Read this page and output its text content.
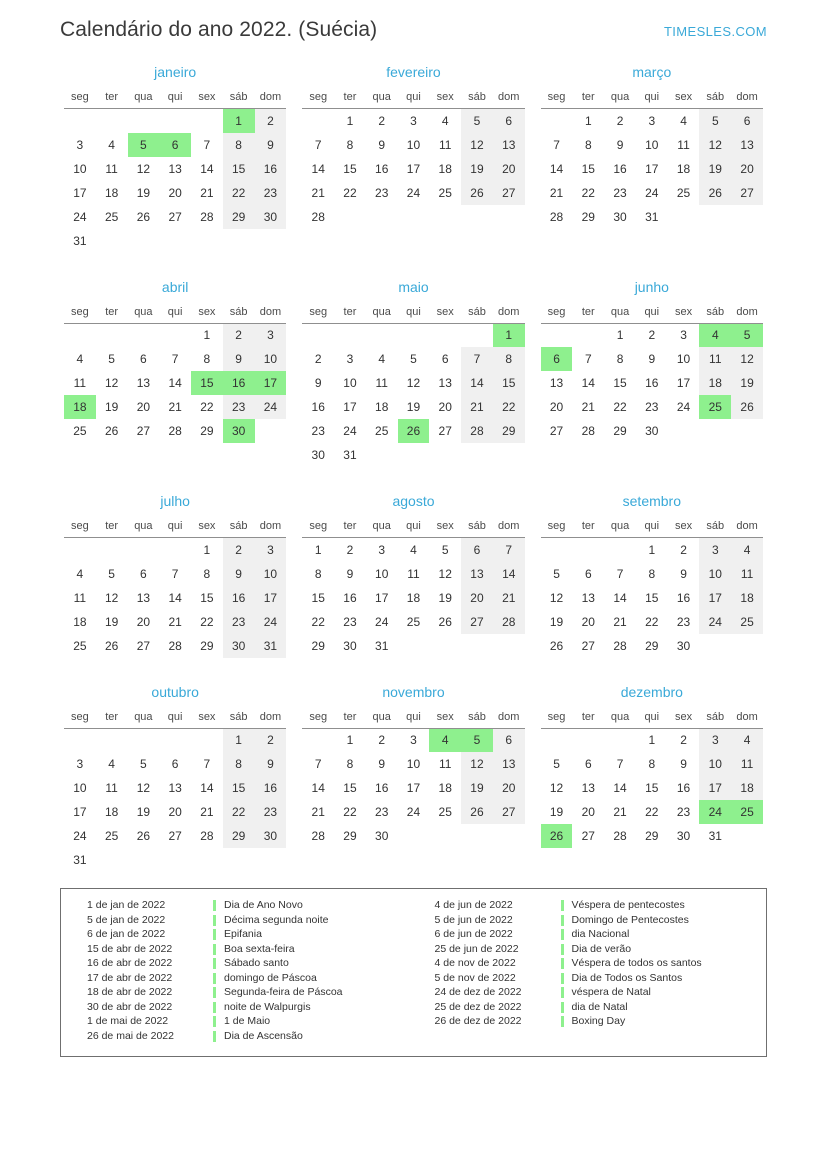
Calendário do ano 2022. (Suécia)	TIMESLES.COM
janeiro
seg	ter	qua	qui	sex	sáb	dom
					1	2
3	4	5	6	7	8	9
10	11	12	13	14	15	16
17	18	19	20	21	22	23
24	25	26	27	28	29	30
31						
fevereiro
seg	ter	qua	qui	sex	sáb	dom
	1	2	3	4	5	6
7	8	9	10	11	12	13
14	15	16	17	18	19	20
21	22	23	24	25	26	27
28						
março
seg	ter	qua	qui	sex	sáb	dom
	1	2	3	4	5	6
7	8	9	10	11	12	13
14	15	16	17	18	19	20
21	22	23	24	25	26	27
28	29	30	31			
abril
seg	ter	qua	qui	sex	sáb	dom
				1	2	3
4	5	6	7	8	9	10
11	12	13	14	15	16	17
18	19	20	21	22	23	24
25	26	27	28	29	30	
maio
seg	ter	qua	qui	sex	sáb	dom
						1
2	3	4	5	6	7	8
9	10	11	12	13	14	15
16	17	18	19	20	21	22
23	24	25	26	27	28	29
30	31					
junho
seg	ter	qua	qui	sex	sáb	dom
		1	2	3	4	5
6	7	8	9	10	11	12
13	14	15	16	17	18	19
20	21	22	23	24	25	26
27	28	29	30			
julho
seg	ter	qua	qui	sex	sáb	dom
				1	2	3
4	5	6	7	8	9	10
11	12	13	14	15	16	17
18	19	20	21	22	23	24
25	26	27	28	29	30	31
agosto
seg	ter	qua	qui	sex	sáb	dom
1	2	3	4	5	6	7
8	9	10	11	12	13	14
15	16	17	18	19	20	21
22	23	24	25	26	27	28
29	30	31				
setembro
seg	ter	qua	qui	sex	sáb	dom
			1	2	3	4
5	6	7	8	9	10	11
12	13	14	15	16	17	18
19	20	21	22	23	24	25
26	27	28	29	30		
outubro
seg	ter	qua	qui	sex	sáb	dom
					1	2
3	4	5	6	7	8	9
10	11	12	13	14	15	16
17	18	19	20	21	22	23
24	25	26	27	28	29	30
31						
novembro
seg	ter	qua	qui	sex	sáb	dom
	1	2	3	4	5	6
7	8	9	10	11	12	13
14	15	16	17	18	19	20
21	22	23	24	25	26	27
28	29	30				
dezembro
seg	ter	qua	qui	sex	sáb	dom
			1	2	3	4
5	6	7	8	9	10	11
12	13	14	15	16	17	18
19	20	21	22	23	24	25
26	27	28	29	30	31	
1 de jan de 2022	Dia de Ano Novo
5 de jan de 2022	Décima segunda noite
6 de jan de 2022	Epifania
15 de abr de 2022	Boa sexta-feira
16 de abr de 2022	Sábado santo
17 de abr de 2022	domingo de Páscoa
18 de abr de 2022	Segunda-feira de Páscoa
30 de abr de 2022	noite de Walpurgis
1 de mai de 2022	1 de Maio
26 de mai de 2022	Dia de Ascensão
4 de jun de 2022	Véspera de pentecostes
5 de jun de 2022	Domingo de Pentecostes
6 de jun de 2022	dia Nacional
25 de jun de 2022	Dia de verão
4 de nov de 2022	Véspera de todos os santos
5 de nov de 2022	Dia de Todos os Santos
24 de dez de 2022	véspera de Natal
25 de dez de 2022	dia de Natal
26 de dez de 2022	Boxing Day
